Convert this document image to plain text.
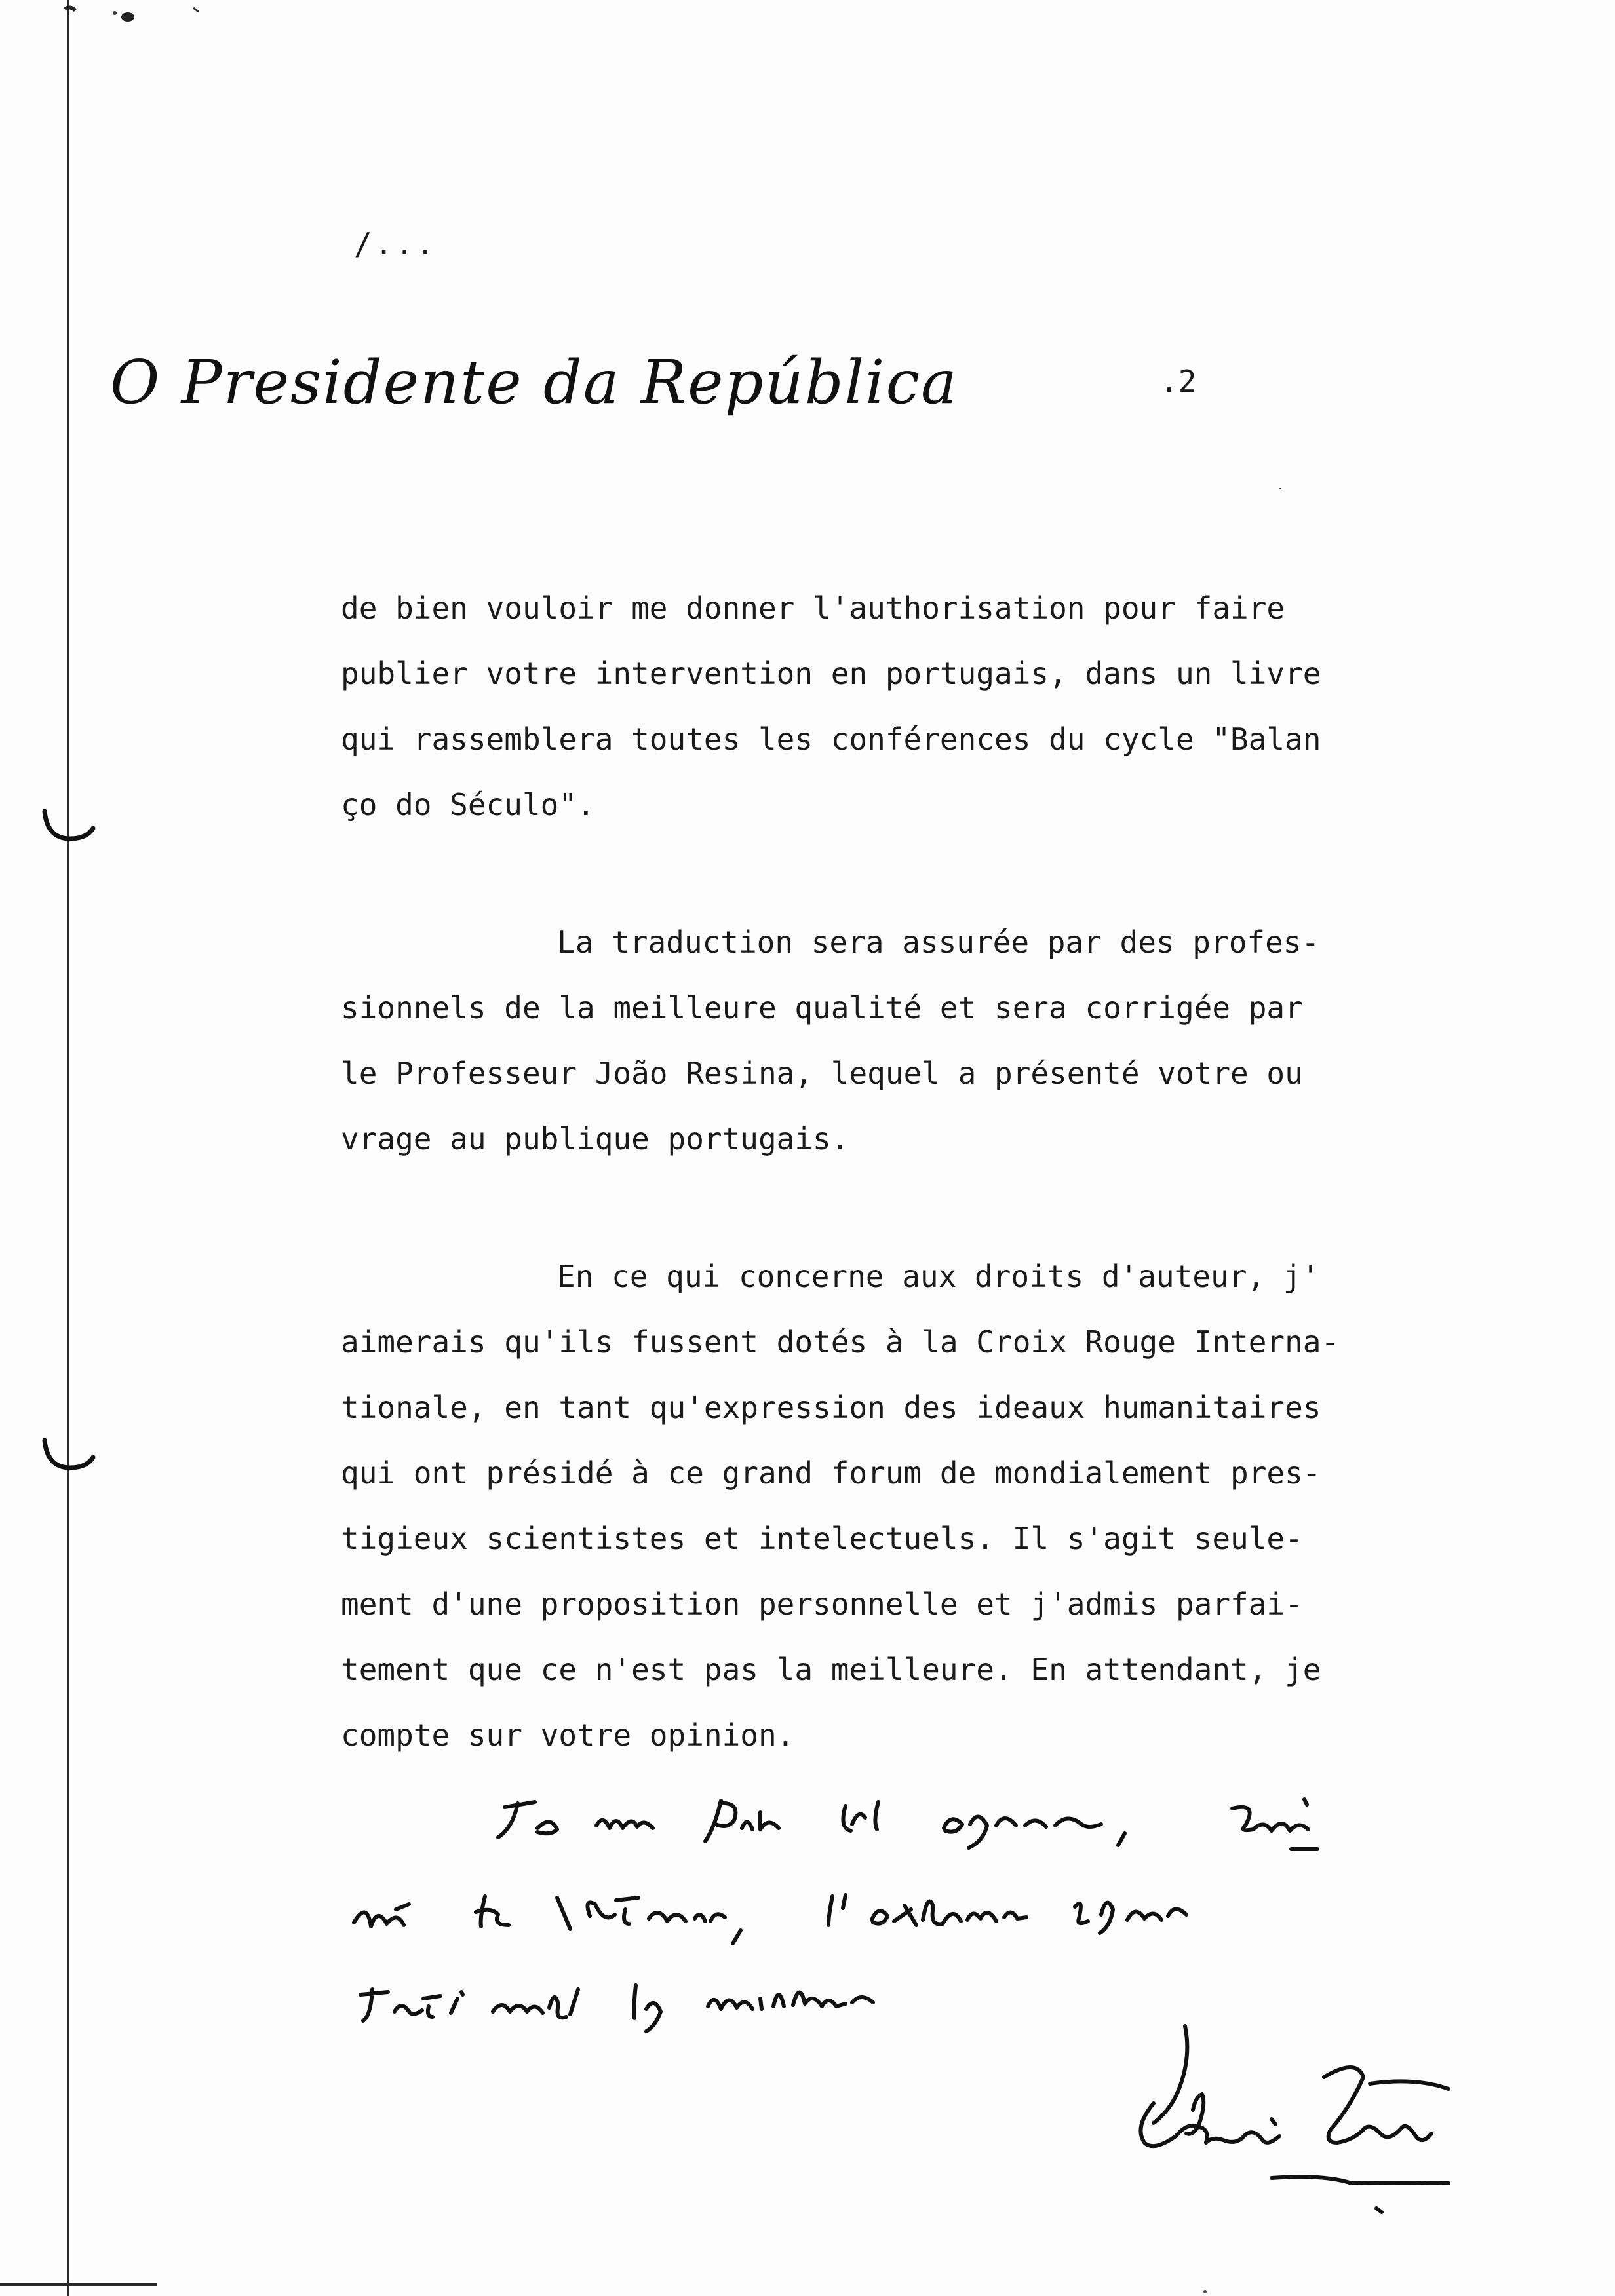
/...
O Presidente da República	.2

de bien vouloir me donner l'authorisation pour faire
publier votre intervention en portugais, dans un livre
qui rassemblera toutes les conférences du cycle "Balan
ço do Século".

La traduction sera assurée par des profes-
sionnels de la meilleure qualité et sera corrigée par
le Professeur João Resina, lequel a présenté votre ou
vrage au publique portugais.

En ce qui concerne aux droits d'auteur, j'
aimerais qu'ils fussent dotés à la Croix Rouge Interna-
tionale, en tant qu'expression des ideaux humanitaires
qui ont présidé à ce grand forum de mondialement pres-
tigieux scientistes et intelectuels. Il s'agit seule-
ment d'une proposition personnelle et j'admis parfai-
tement que ce n'est pas la meilleure. En attendant, je
compte sur votre opinion.
